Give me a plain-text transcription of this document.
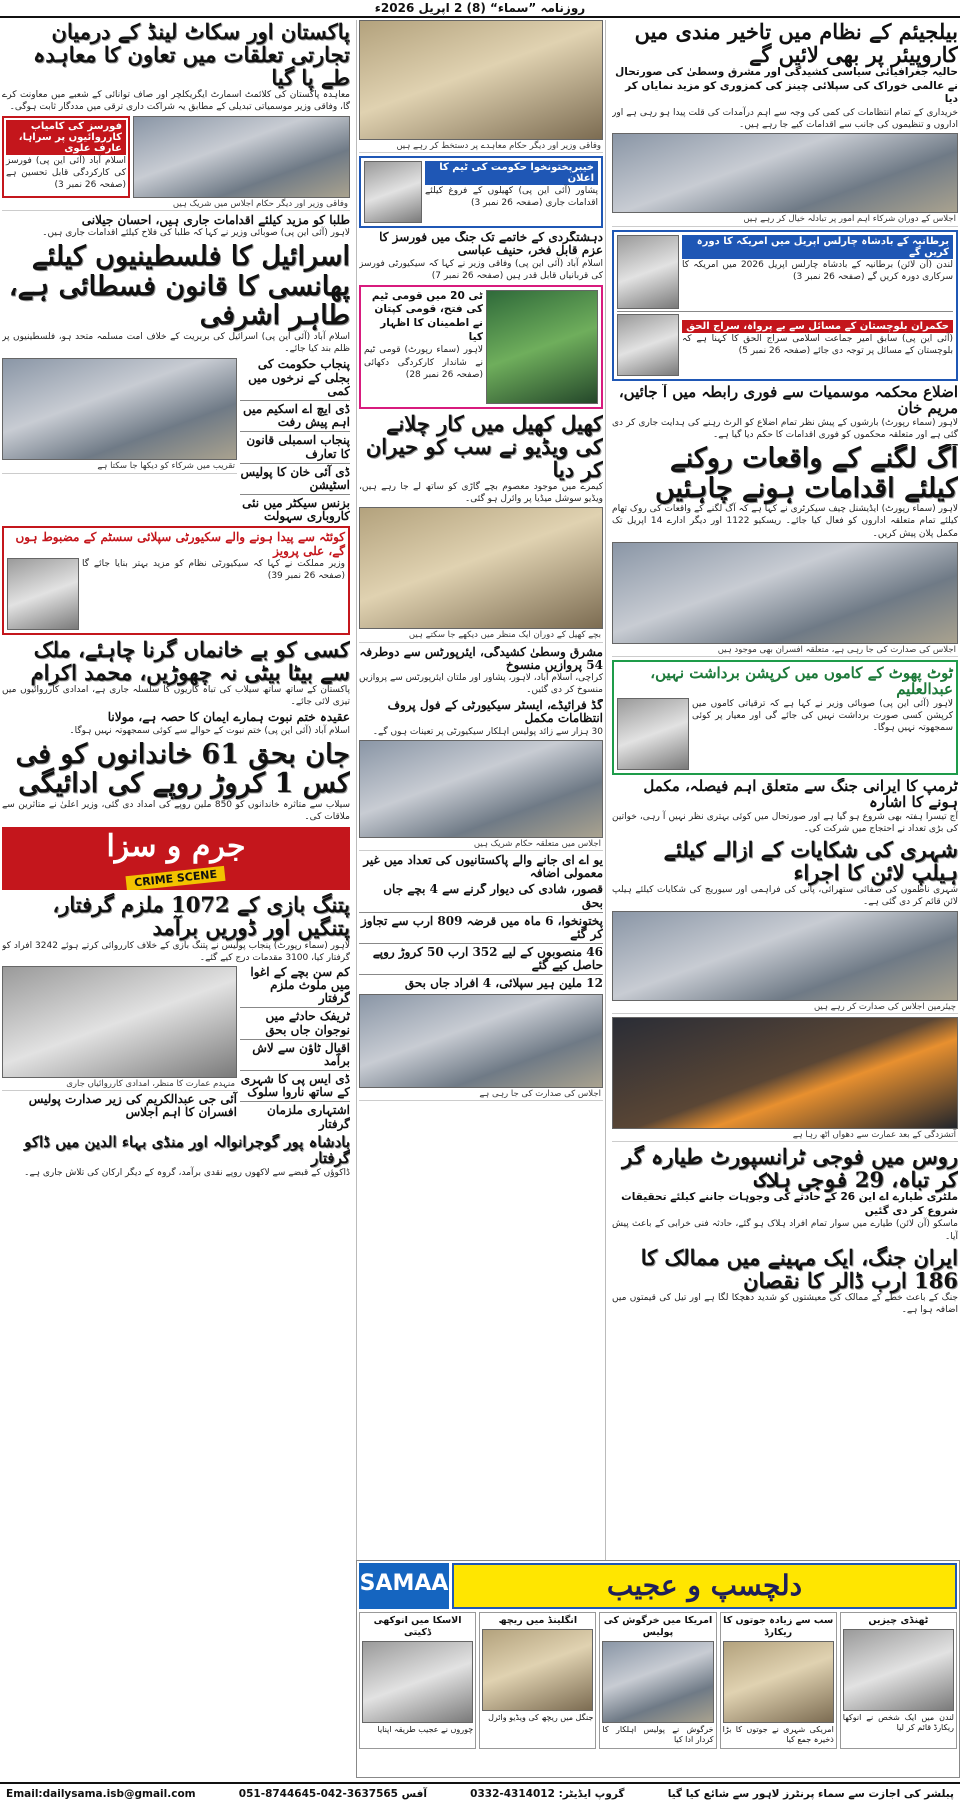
روزنامہ ”سماء“ (8) 2 اپریل 2026ء
بیلجیئم کے نظام میں تاخیر مندی میں کاروپیئر پر بھی لائیں گے
حالیہ جغرافیائی سیاسی کشیدگی اور مشرق وسطیٰ کی صورتحال نے عالمی خوراک کی سپلائی چینز کی کمزوری کو مزید نمایاں کر دیا
خریداری کے تمام انتظامات کی کمی کی وجہ سے اہم درآمدات کی قلت پیدا ہو رہی ہے اور اداروں و تنظیموں کی جانب سے اقدامات کیے جا رہے ہیں۔
اجلاس کے دوران شرکاء اہم امور پر تبادلہ خیال کر رہے ہیں
برطانیہ کے بادشاہ چارلس اپریل میں امریکہ کا دورہ کریں گے
لندن (آن لائن) برطانیہ کے بادشاہ چارلس اپریل 2026 میں امریکہ کا سرکاری دورہ کریں گے (صفحہ 26 نمبر 3)
حکمران بلوچستان کے مسائل سے بے پرواہ، سراج الحق
(آئی این پی) سابق امیر جماعت اسلامی سراج الحق کا کہنا ہے کہ بلوچستان کے مسائل پر توجہ دی جائے (صفحہ 26 نمبر 5)
اضلاع محکمہ موسمیات سے فوری رابطہ میں آ جائیں، مریم خان
لاہور (سماء رپورٹ) بارشوں کے پیش نظر تمام اضلاع کو الرٹ رہنے کی ہدایت جاری کر دی گئی ہے اور متعلقہ محکموں کو فوری اقدامات کا حکم دیا گیا ہے۔
آگ لگنے کے واقعات روکنے کیلئے اقدامات ہونے چاہئیں
لاہور (سماء رپورٹ) ایڈیشنل چیف سیکرٹری نے کہا ہے کہ آگ لگنے کے واقعات کی روک تھام کیلئے تمام متعلقہ اداروں کو فعال کیا جائے۔ ریسکیو 1122 اور دیگر ادارے 14 اپریل تک مکمل پلان پیش کریں۔
اجلاس کی صدارت کی جا رہی ہے، متعلقہ افسران بھی موجود ہیں
ٹوٹ پھوٹ کے کاموں میں کرپشن برداشت نہیں، عبدالعلیم
لاہور (آئی این پی) صوبائی وزیر نے کہا ہے کہ ترقیاتی کاموں میں کرپشن کسی صورت برداشت نہیں کی جائے گی اور معیار پر کوئی سمجھوتہ نہیں ہوگا۔
ٹرمپ کا ایرانی جنگ سے متعلق اہم فیصلہ، مکمل ہونے کا اشارہ
آج تیسرا ہفتہ بھی شروع ہو گیا ہے اور صورتحال میں کوئی بہتری نظر نہیں آ رہی، خواتین کی بڑی تعداد نے احتجاج میں شرکت کی۔
شہری کی شکایات کے ازالے کیلئے ہیلپ لائن کا اجراء
شہری ناظموں کی صفائی ستھرائی، پانی کی فراہمی اور سیوریج کی شکایات کیلئے ہیلپ لائن قائم کر دی گئی ہے۔
چیئرمین اجلاس کی صدارت کر رہے ہیں
آتشزدگی کے بعد عمارت سے دھواں اٹھ رہا ہے
روس میں فوجی ٹرانسپورٹ طیارہ گر کر تباہ، 29 فوجی ہلاک
ملٹری طیارے اے این 26 کے حادثے کی وجوہات جاننے کیلئے تحقیقات شروع کر دی گئیں
ماسکو (آن لائن) طیارے میں سوار تمام افراد ہلاک ہو گئے، حادثہ فنی خرابی کے باعث پیش آیا۔
ایران جنگ، ایک مہینے میں ممالک کا 186 ارب ڈالر کا نقصان
جنگ کے باعث خطے کے ممالک کی معیشتوں کو شدید دھچکا لگا ہے اور تیل کی قیمتوں میں اضافہ ہوا ہے۔
وفاقی وزیر اور دیگر حکام معاہدے پر دستخط کر رہے ہیں
خیبرپختونخوا حکومت کی ٹیم کا اعلان
پشاور (آئی این پی) کھیلوں کے فروغ کیلئے اقدامات جاری (صفحہ 26 نمبر 3)
دہشتگردی کے خاتمے تک جنگ میں فورسز کا عزم قابل فخر، حنیف عباسی
اسلام آباد (آئی این پی) وفاقی وزیر نے کہا کہ سیکیورٹی فورسز کی قربانیاں قابل قدر ہیں (صفحہ 26 نمبر 7)
ٹی 20 میں قومی ٹیم کی فتح، قومی کپتان نے اطمینان کا اظہار کیا
لاہور (سماء رپورٹ) قومی ٹیم نے شاندار کارکردگی دکھائی (صفحہ 26 نمبر 28)
کھیل کھیل میں کار چلانے کی ویڈیو نے سب کو حیران کر دیا
کیمرے میں موجود معصوم بچے گاڑی کو ساتھ لے جا رہے ہیں، ویڈیو سوشل میڈیا پر وائرل ہو گئی۔
بچے کھیل کے دوران ایک منظر میں دیکھے جا سکتے ہیں
مشرق وسطیٰ کشیدگی، ایئرپورٹس سے دوطرفہ 54 پروازیں منسوخ
کراچی، اسلام آباد، لاہور، پشاور اور ملتان ایئرپورٹس سے پروازیں منسوخ کر دی گئیں۔
گڈ فرائیڈے، ایسٹر سیکیورٹی کے فول پروف انتظامات مکمل
30 ہزار سے زائد پولیس اہلکار سیکیورٹی پر تعینات ہوں گے۔
اجلاس میں متعلقہ حکام شریک ہیں
یو اے ای جانے والے پاکستانیوں کی تعداد میں غیر معمولی اضافہ
قصور، شادی کی دیوار گرنے سے 4 بچے جاں بحق
پختونخوا، 6 ماہ میں قرضہ 809 ارب سے تجاوز کر گئے
46 منصوبوں کے لیے 352 ارب 50 کروڑ روپے حاصل کیے گئے
12 ملین ہیر سپلائی، 4 افراد جاں بحق
اجلاس کی صدارت کی جا رہی ہے
پاکستان اور سکاٹ لینڈ کے درمیان تجارتی تعلقات میں تعاون کا معاہدہ طے پا گیا
معاہدہ پاکستان کی کلائمٹ اسمارٹ ایگریکلچر اور صاف توانائی کے شعبے میں معاونت کرے گا، وفاقی وزیر موسمیاتی تبدیلی کے مطابق یہ شراکت داری ترقی میں مددگار ثابت ہوگی۔
فورسز کی کامیاب کارروائیوں پر سراہا، عارف علوی
اسلام آباد (آئی این پی) فورسز کی کارکردگی قابل تحسین ہے (صفحہ 26 نمبر 3)
وفاقی وزیر اور دیگر حکام اجلاس میں شریک ہیں
طلبا کو مزید کیلئے اقدامات جاری ہیں، احسان جیلانی
لاہور (آئی این پی) صوبائی وزیر نے کہا کہ طلبا کی فلاح کیلئے اقدامات جاری ہیں۔
اسرائیل کا فلسطینیوں کیلئے پھانسی کا قانون فسطائی ہے، طاہر اشرفی
اسلام آباد (آئی این پی) اسرائیل کی بربریت کے خلاف امت مسلمہ متحد ہو، فلسطینیوں پر ظلم بند کیا جائے۔
پنجاب حکومت کی بجلی کے نرخوں میں کمی
ڈی ایچ اے اسکیم میں اہم پیش رفت
پنجاب اسمبلی قانون کا تعارف
ڈی آئی خان کا پولیس اسٹیشن
بزنس سیکٹر میں نئی کاروباری سہولت
تقریب میں شرکاء کو دیکھا جا سکتا ہے
کوئٹہ سے پیدا ہونے والے سکیورٹی سپلائی سسٹم کے مضبوط ہوں گے، علی پرویز
وزیر مملکت نے کہا کہ سیکیورٹی نظام کو مزید بہتر بنایا جائے گا (صفحہ 26 نمبر 39)
کسی کو بے خانماں گرنا چاہئے، ملک سے بیٹا بیٹی نہ چھوڑیں، محمد اکرام
پاکستان کے ساتھ ساتھ سیلاب کی تباہ کاریوں کا سلسلہ جاری ہے، امدادی کارروائیوں میں تیزی لائی جائے۔
عقیدہ ختم نبوت ہمارے ایمان کا حصہ ہے، مولانا
اسلام آباد (آئی این پی) ختم نبوت کے حوالے سے کوئی سمجھوتہ نہیں ہوگا۔
جان بحق 61 خاندانوں کو فی کس 1 کروڑ روپے کی ادائیگی
سیلاب سے متاثرہ خاندانوں کو 850 ملین روپے کی امداد دی گئی، وزیر اعلیٰ نے متاثرین سے ملاقات کی۔
جرم و سزا
CRIME SCENE
پتنگ بازی کے 1072 ملزم گرفتار، پتنگیں اور ڈوریں برآمد
لاہور (سماء رپورٹ) پنجاب پولیس نے پتنگ بازی کے خلاف کارروائی کرتے ہوئے 3242 افراد کو گرفتار کیا، 3100 مقدمات درج کیے گئے۔
کم سن بچے کے اغوا میں ملوث ملزم گرفتار
ٹریفک حادثے میں نوجوان جاں بحق
اقبال ٹاؤن سے لاش برآمد
ڈی ایس پی کا شہری کے ساتھ ناروا سلوک
اشتہاری ملزمان گرفتار
منہدم عمارت کا منظر، امدادی کارروائیاں جاری
آئی جی عبدالکریم کی زیر صدارت پولیس افسران کا اہم اجلاس
بادشاہ پور گوجرانوالہ اور منڈی بہاء الدین میں ڈاکو گرفتار
ڈاکوؤں کے قبضے سے لاکھوں روپے نقدی برآمد، گروہ کے دیگر ارکان کی تلاش جاری ہے۔
دلچسپ و عجیب
SAMAA
ٹھنڈی چیزیں
لندن میں ایک شخص نے انوکھا ریکارڈ قائم کر لیا
سب سے زیادہ جوتوں کا ریکارڈ
امریکی شہری نے جوتوں کا بڑا ذخیرہ جمع کیا
امریکا میں خرگوش کی پولیس
خرگوش نے پولیس اہلکار کا کردار ادا کیا
انگلینڈ میں ریچھ
جنگل میں ریچھ کی ویڈیو وائرل
الاسکا میں انوکھی ڈکیتی
چوروں نے عجیب طریقہ اپنایا
پبلشر کی اجازت سے سماء پرنٹرز لاہور سے شائع کیا گیا
گروپ ایڈیٹر: 0332-4314012
آفس 051-8744645-042-3637565
Email:dailysama.isb@gmail.com
